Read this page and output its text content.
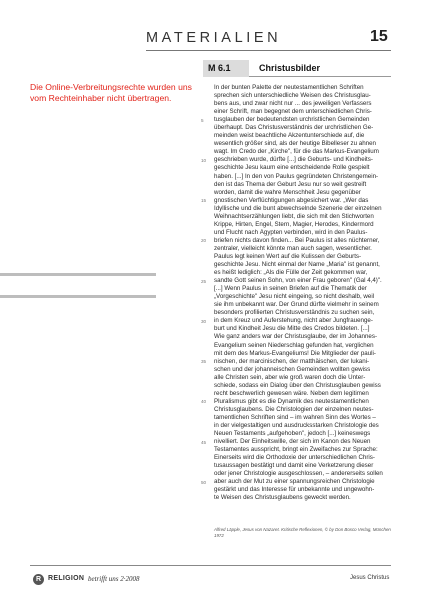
MATERIALIEN	15
Die Online-Verbreitungsrechte wurden uns vom Rechteinhaber nicht übertragen.
M 6.1	Christusbilder
5
10
15
20
25
30
35
40
45
50
In der bunten Palette der neutestamentlichen Schriften
sprechen sich unterschiedliche Weisen des Christusglau-
bens aus, und zwar nicht nur ... des jeweiligen Verfassers
einer Schrift, man begegnet dem unterschiedlichen Chris-
tusglauben der bedeutendsten urchristlichen Gemeinden
überhaupt. Das Christusverständnis der urchristlichen Ge-
meinden weist beachtliche Akzentunterschiede auf, die
wesentlich größer sind, als der heutige Bibelleser zu ahnen
wagt. Im Credo der „Kirche", für die das Markus-Evangelium
geschrieben wurde, dürfte [...] die Geburts- und Kindheits-
geschichte Jesu kaum eine entscheidende Rolle gespielt
haben. [...] In den von Paulus gegründeten Christengemein-
den ist das Thema der Geburt Jesu nur so weit gestreift
worden, damit die wahre Menschheit Jesu gegenüber
gnostischen Verflüchtigungen abgesichert war. „Wer das
Idyllische und die bunt abwechselnde Szenerie der einzelnen
Weihnachtserzählungen liebt, die sich mit den Stichworten
Krippe, Hirten, Engel, Stern, Magier, Herodes, Kindermord
und Flucht nach Ägypten verbinden, wird in den Paulus-
briefen nichts davon finden... Bei Paulus ist alles nüchterner,
zentraler, vielleicht könnte man auch sagen, wesentlicher.
Paulus legt keinen Wert auf die Kulissen der Geburts-
geschichte Jesu. Nicht einmal der Name „Maria" ist genannt,
es heißt lediglich: „Als die Fülle der Zeit gekommen war,
sandte Gott seinen Sohn, von einer Frau geboren" (Gal 4,4)".
[...] Wenn Paulus in seinen Briefen auf die Thematik der
„Vorgeschichte" Jesu nicht eingeing, so nicht deshalb, weil
sie ihm unbekannt war. Der Grund dürfte vielmehr in seinem
besonders profilierten Christusverständnis zu suchen sein,
in dem Kreuz und Auferstehung, nicht aber Jungfrauenge-
burt und Kindheit Jesu die Mitte des Credos bildeten. [...]
Wie ganz anders war der Christusglaube, der im Johannes-
Evangelium seinen Niederschlag gefunden hat, verglichen
mit dem des Markus-Evangeliums! Die Mitglieder der pauli-
nischen, der marcinischen, der matthäischen, der lukani-
schen und der johanneischen Gemeinden wollten gewiss
alle Christen sein, aber wie groß waren doch die Unter-
schiede, sodass ein Dialog über den Christusglauben gewiss
recht beschwerlich gewesen wäre. Neben dem legitimen
Pluralismus gibt es die Dynamik des neutestamentlichen
Christusglaubens. Die Christologien der einzelnen neutes-
tamentlichen Schriften sind – im wahren Sinn des Wortes –
in der vielgestaltigen und ausdrucksstarken Christologie des
Neuen Testaments „aufgehoben", jedoch [...] keineswegs
nivelliert. Der Einheitswille, der sich im Kanon des Neuen
Testamentes ausspricht, bringt ein Zweifaches zur Sprache:
Einerseits wird die Orthodoxie der unterschiedlichen Chris-
tusaussagen bestätigt und damit eine Verketzerung dieser
oder jener Christologie ausgeschlossen, – andererseits sollen
aber auch der Mut zu einer spannungsreichen Christologie
gestärkt und das Interesse für unbekannte und ungewohn-
te Weisen des Christusglaubens geweckt werden.
Alfred Läpple, Jesus von Nazaret. Kritische Reflexionen, © by Don Bosco Verlag, München 1972
R RELIGION betrifft uns 2·2008	Jesus Christus
